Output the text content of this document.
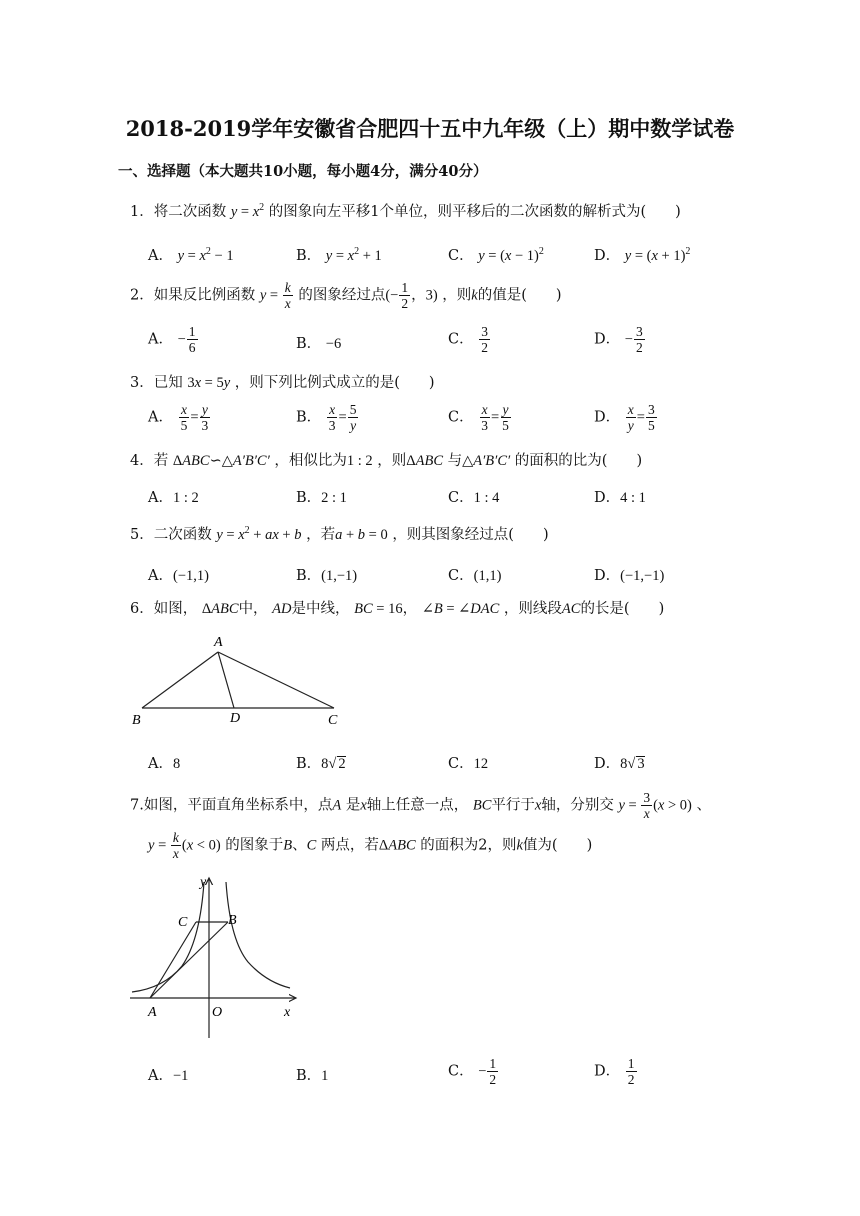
2018-2019学年安徽省合肥四十五中九年级（上）期中数学试卷
一、选择题（本大题共10小题，每小题4分，满分40分）
1．将二次函数 $y = x^2$ 的图象向左平移1个单位，则平移后的二次函数的解析式为(　　)
A． $y = x^2 - 1$	B． $y = x^2 + 1$	C． $y = (x - 1)^2$	D． $y = (x + 1)^2$
2．如果反比例函数 $y = \frac{k}{x}$ 的图象经过点(− $\frac{1}{2}$ ，3) ，则k的值是(　　)
A． − $\frac{1}{6}$	B． −6	C． $\frac{3}{2}$	D． − $\frac{3}{2}$
3．已知 3x = 5y ，则下列比例式成立的是(　　)
A． $\frac{x}{5} = \frac{y}{3}$	B． $\frac{x}{3} = \frac{5}{y}$	C． $\frac{x}{3} = \frac{y}{5}$	D． $\frac{x}{y} = \frac{3}{5}$
4．若 ΔABC∽△A′B′C′ ，相似比为1 : 2 ，则ΔABC 与△A′B′C′ 的面积的比为(　　)
A．1 : 2	B．2 : 1	C．1 : 4	D．4 : 1
5．二次函数 $y = x^2$ + ax + b ，若a + b = 0 ，则其图象经过点(　　)
A．(−1,1)	B．(1,−1)	C．(1,1)	D．(−1,−1)
6．如图， ΔABC中， AD是中线， BC = 16， ∠B = ∠DAC ，则线段AC的长是(　　)
A
B	D	C
A．8	B．8√ 2	C．12	D．8√ 3
7.如图，平面直角坐标系中，点A 是x轴上任意一点， BC平行于x轴，分别交 $y = \frac{3}{x} (x > 0)$ 、
$y = \frac{k}{x} (x < 0)$ 的图象于B、C 两点，若ΔABC 的面积为2，则k值为(　　)
y
x
C	B
A	O
A．−1	B．1	C． − $\frac{1}{2}$	D． $\frac{1}{2}$
